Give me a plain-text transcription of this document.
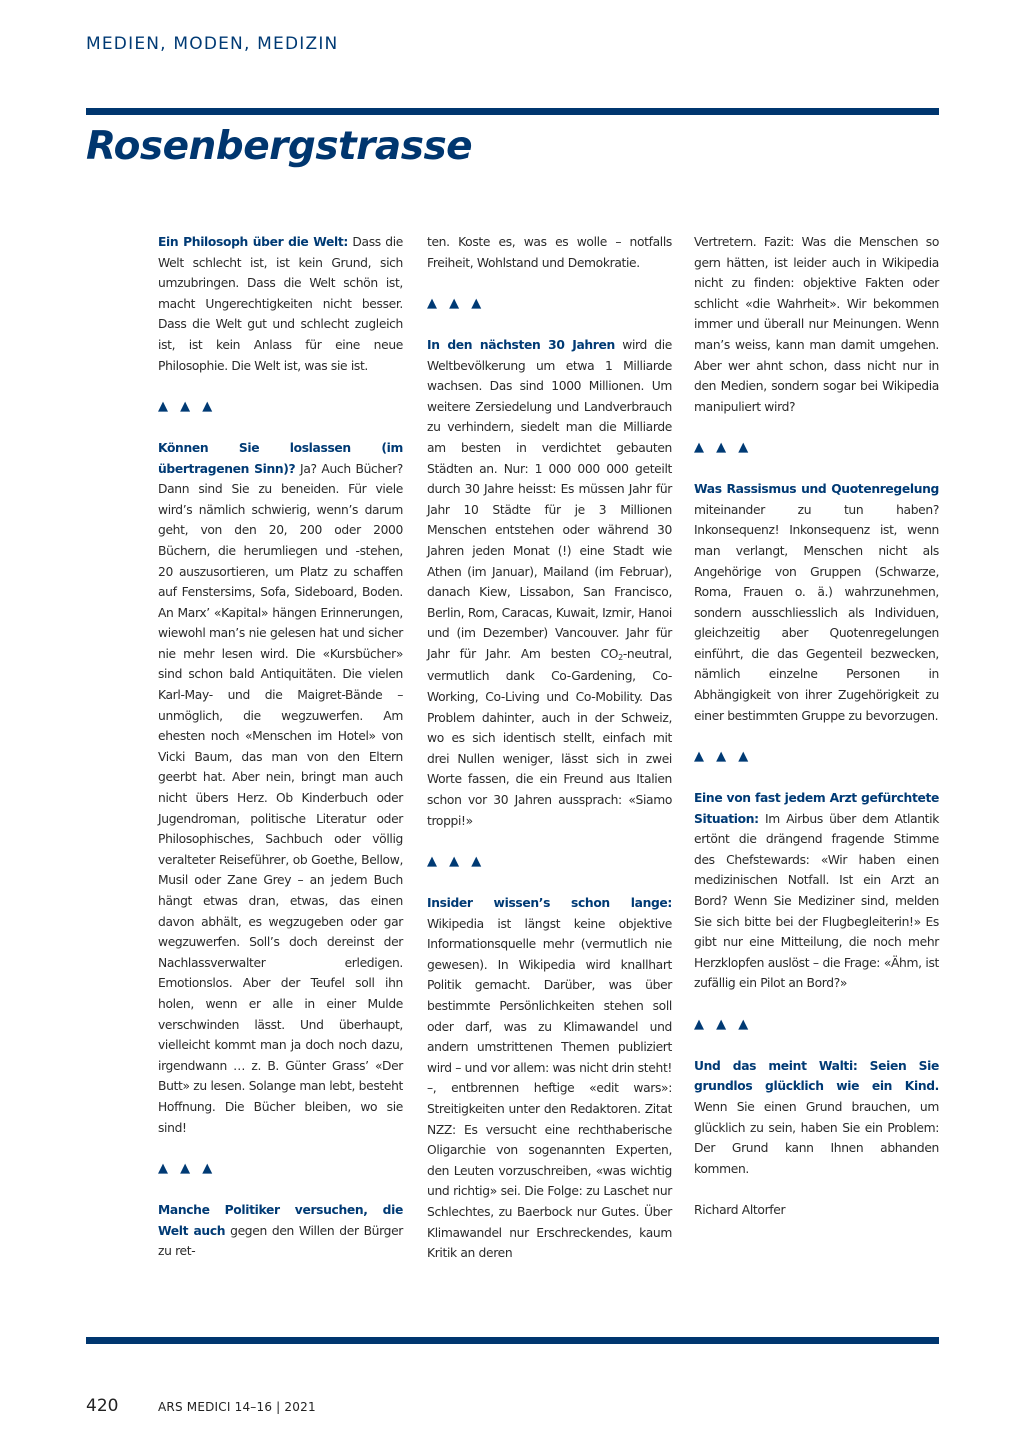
MEDIEN, MODEN, MEDIZIN
Rosenbergstrasse

Ein Philosoph über die Welt: Dass die Welt schlecht ist, ist kein Grund, sich umzubringen. Dass die Welt schön ist, macht Ungerechtigkeiten nicht besser. Dass die Welt gut und schlecht zugleich ist, ist kein Anlass für eine neue Philosophie. Die Welt ist, was sie ist.

▲ ▲ ▲

Können Sie loslassen (im übertragenen Sinn)? Ja? Auch Bücher? Dann sind Sie zu beneiden. Für viele wird’s nämlich schwierig, wenn’s darum geht, von den 20, 200 oder 2000 Büchern, die herumliegen und -stehen, 20 auszusortieren, um Platz zu schaffen auf Fenstersims, Sofa, Sideboard, Boden. An Marx’ «Kapital» hängen Erinnerungen, wiewohl man’s nie gelesen hat und sicher nie mehr lesen wird. Die «Kursbücher» sind schon bald Antiquitäten. Die vielen Karl-May- und die Maigret-Bände – unmöglich, die wegzuwerfen. Am ehesten noch «Menschen im Hotel» von Vicki Baum, das man von den Eltern geerbt hat. Aber nein, bringt man auch nicht übers Herz. Ob Kinderbuch oder Jugendroman, politische Literatur oder Philosophisches, Sachbuch oder völlig veralteter Reiseführer, ob Goethe, Bellow, Musil oder Zane Grey – an jedem Buch hängt etwas dran, etwas, das einen davon abhält, es wegzugeben oder gar wegzuwerfen. Soll’s doch dereinst der Nachlassverwalter erledigen. Emotionslos. Aber der Teufel soll ihn holen, wenn er alle in einer Mulde verschwinden lässt. Und überhaupt, vielleicht kommt man ja doch noch dazu, irgendwann … z. B. Günter Grass’ «Der Butt» zu lesen. Solange man lebt, besteht Hoffnung. Die Bücher bleiben, wo sie sind!

▲ ▲ ▲

Manche Politiker versuchen, die Welt auch gegen den Willen der Bürger zu ret-

ten. Koste es, was es wolle – notfalls Freiheit, Wohlstand und Demokratie.

▲ ▲ ▲

In den nächsten 30 Jahren wird die Weltbevölkerung um etwa 1 Milliarde wachsen. Das sind 1000 Millionen. Um weitere Zersiedelung und Landverbrauch zu verhindern, siedelt man die Milliarde am besten in verdichtet gebauten Städten an. Nur: 1 000 000 000 geteilt durch 30 Jahre heisst: Es müssen Jahr für Jahr 10 Städte für je 3 Millionen Menschen entstehen oder während 30 Jahren jeden Monat (!) eine Stadt wie Athen (im Januar), Mailand (im Februar), danach Kiew, Lissabon, San Francisco, Berlin, Rom, Caracas, Kuwait, Izmir, Hanoi und (im Dezember) Vancouver. Jahr für Jahr für Jahr. Am besten $CO_2$-neutral, vermutlich dank Co-Gardening, Co-Working, Co-Living und Co-Mobility. Das Problem dahinter, auch in der Schweiz, wo es sich identisch stellt, einfach mit drei Nullen weniger, lässt sich in zwei Worte fassen, die ein Freund aus Italien schon vor 30 Jahren aussprach: «Siamo troppi!»

▲ ▲ ▲

Insider wissen’s schon lange: Wikipedia ist längst keine objektive Informationsquelle mehr (vermutlich nie gewesen). In Wikipedia wird knallhart Politik gemacht. Darüber, was über bestimmte Persönlichkeiten stehen soll oder darf, was zu Klimawandel und andern umstrittenen Themen publiziert wird – und vor allem: was nicht drin steht! –, entbrennen heftige «edit wars»: Streitigkeiten unter den Redaktoren. Zitat NZZ: Es versucht eine rechthaberische Oligarchie von sogenannten Experten, den Leuten vorzuschreiben, «was wichtig und richtig» sei. Die Folge: zu Laschet nur Schlechtes, zu Baerbock nur Gutes. Über Klimawandel nur Erschreckendes, kaum Kritik an deren

Vertretern. Fazit: Was die Menschen so gern hätten, ist leider auch in Wikipedia nicht zu finden: objektive Fakten oder schlicht «die Wahrheit». Wir bekommen immer und überall nur Meinungen. Wenn man’s weiss, kann man damit umgehen. Aber wer ahnt schon, dass nicht nur in den Medien, sondern sogar bei Wikipedia manipuliert wird?

▲ ▲ ▲

Was Rassismus und Quotenregelung miteinander zu tun haben? Inkonsequenz! Inkonsequenz ist, wenn man verlangt, Menschen nicht als Angehörige von Gruppen (Schwarze, Roma, Frauen o. ä.) wahrzunehmen, sondern ausschliesslich als Individuen, gleichzeitig aber Quotenregelungen einführt, die das Gegenteil bezwecken, nämlich einzelne Personen in Abhängigkeit von ihrer Zugehörigkeit zu einer bestimmten Gruppe zu bevorzugen.

▲ ▲ ▲

Eine von fast jedem Arzt gefürchtete Situation: Im Airbus über dem Atlantik ertönt die drängend fragende Stimme des Chefstewards: «Wir haben einen medizinischen Notfall. Ist ein Arzt an Bord? Wenn Sie Mediziner sind, melden Sie sich bitte bei der Flugbegleiterin!» Es gibt nur eine Mitteilung, die noch mehr Herzklopfen auslöst – die Frage: «Ähm, ist zufällig ein Pilot an Bord?»

▲ ▲ ▲

Und das meint Walti: Seien Sie grundlos glücklich wie ein Kind. Wenn Sie einen Grund brauchen, um glücklich zu sein, haben Sie ein Problem: Der Grund kann Ihnen abhanden kommen.

Richard Altorfer

420	ARS MEDICI 14–16 | 2021
